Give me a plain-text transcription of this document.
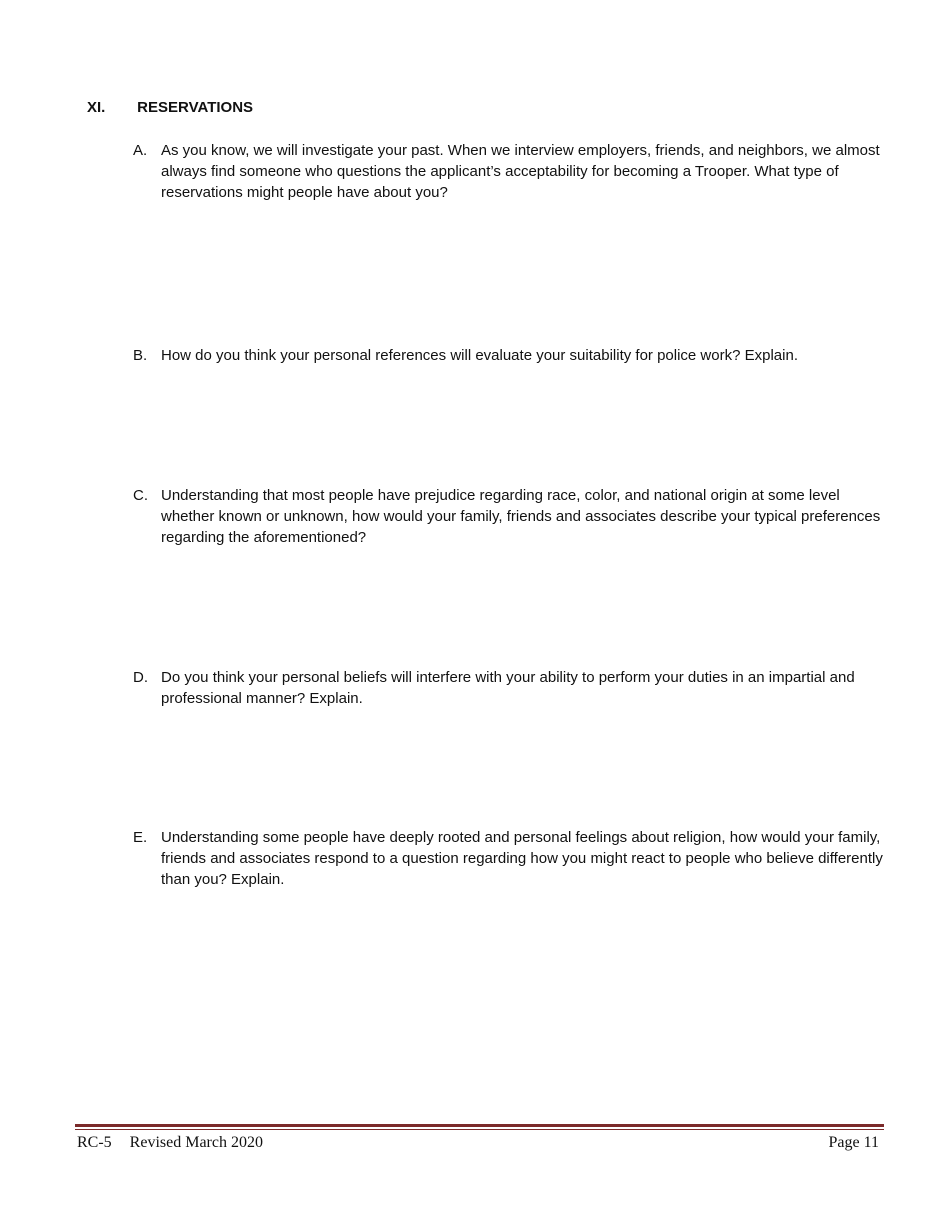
XI. RESERVATIONS
A. As you know, we will investigate your past. When we interview employers, friends, and neighbors, we almost always find someone who questions the applicant’s acceptability for becoming a Trooper. What type of reservations might people have about you?
B. How do you think your personal references will evaluate your suitability for police work? Explain.
C. Understanding that most people have prejudice regarding race, color, and national origin at some level whether known or unknown, how would your family, friends and associates describe your typical preferences regarding the aforementioned?
D. Do you think your personal beliefs will interfere with your ability to perform your duties in an impartial and professional manner? Explain.
E. Understanding some people have deeply rooted and personal feelings about religion, how would your family, friends and associates respond to a question regarding how you might react to people who believe differently than you? Explain.
RC-5 Revised March 2020	Page 11
